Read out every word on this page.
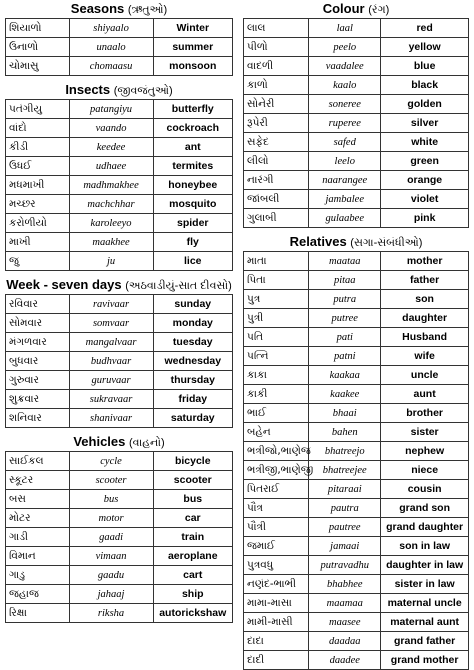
Seasons (ઋતુઓ)
શિયાળો	shiyaalo	Winter
ઉનાળો	unaalo	summer
ચોમાસુ	chomaasu	monsoon
Insects (જીવજંતુઓ)
પતંગીયુ	patangiyu	butterfly
વાંદો	vaando	cockroach
કીડી	keedee	ant
ઉધઈ	udhaee	termites
મધમાખી	madhmakhee	honeybee
મચ્છર	machchhar	mosquito
કરોળીયો	karoleeyo	spider
માખી	maakhee	fly
જુ	ju	lice
Week - seven days (અઠવાડીયું-સાત દીવસો)
રવિવાર	ravivaar	sunday
સોમવાર	somvaar	monday
મંગળવાર	mangalvaar	tuesday
બુધવાર	budhvaar	wednesday
ગુરુવાર	guruvaar	thursday
શુક્રવાર	sukravaar	friday
શનિવાર	shanivaar	saturday
Vehicles (વાહનો)
સાઈકલ	cycle	bicycle
સ્કૂટર	scooter	scooter
બસ	bus	bus
મોટર	motor	car
ગાડી	gaadi	train
વિમાન	vimaan	aeroplane
ગાડુ	gaadu	cart
જહાજ	jahaaj	ship
રિક્ષા	riksha	autorickshaw
Colour (રંગ)
લાલ	laal	red
પીળો	peelo	yellow
વાદળી	vaadalee	blue
કાળો	kaalo	black
સોનેરી	soneree	golden
રૂપેરી	ruperee	silver
સફેદ	safed	white
લીલો	leelo	green
નારંગી	naarangee	orange
જાંબલી	jambalee	violet
ગુલાબી	gulaabee	pink
Relatives (સગા-સંબંધીઓ)
માતા	maataa	mother
પિતા	pitaa	father
પુત્ર	putra	son
પુત્રી	putree	daughter
પતિ	pati	Husband
પત્નિ	patni	wife
કાકા	kaakaa	uncle
કાકી	kaakee	aunt
ભાઈ	bhaai	brother
બહેન	bahen	sister
ભત્રીજો,ભાણેજ	bhatreejo	nephew
ભત્રીજી,ભાણેજી	bhatreejee	niece
પિતરાઈ	pitaraai	cousin
પૌત્ર	pautra	grand son
પૌત્રી	pautree	grand daughter
જમાઈ	jamaai	son in law
પુત્રવધુ	putravadhu	daughter in law
નણંદ-ભાભી	bhabhee	sister in law
મામા-માસા	maamaa	maternal uncle
મામી-માસી	maasee	maternal aunt
દાદા	daadaa	grand father
દાદી	daadee	grand mother
